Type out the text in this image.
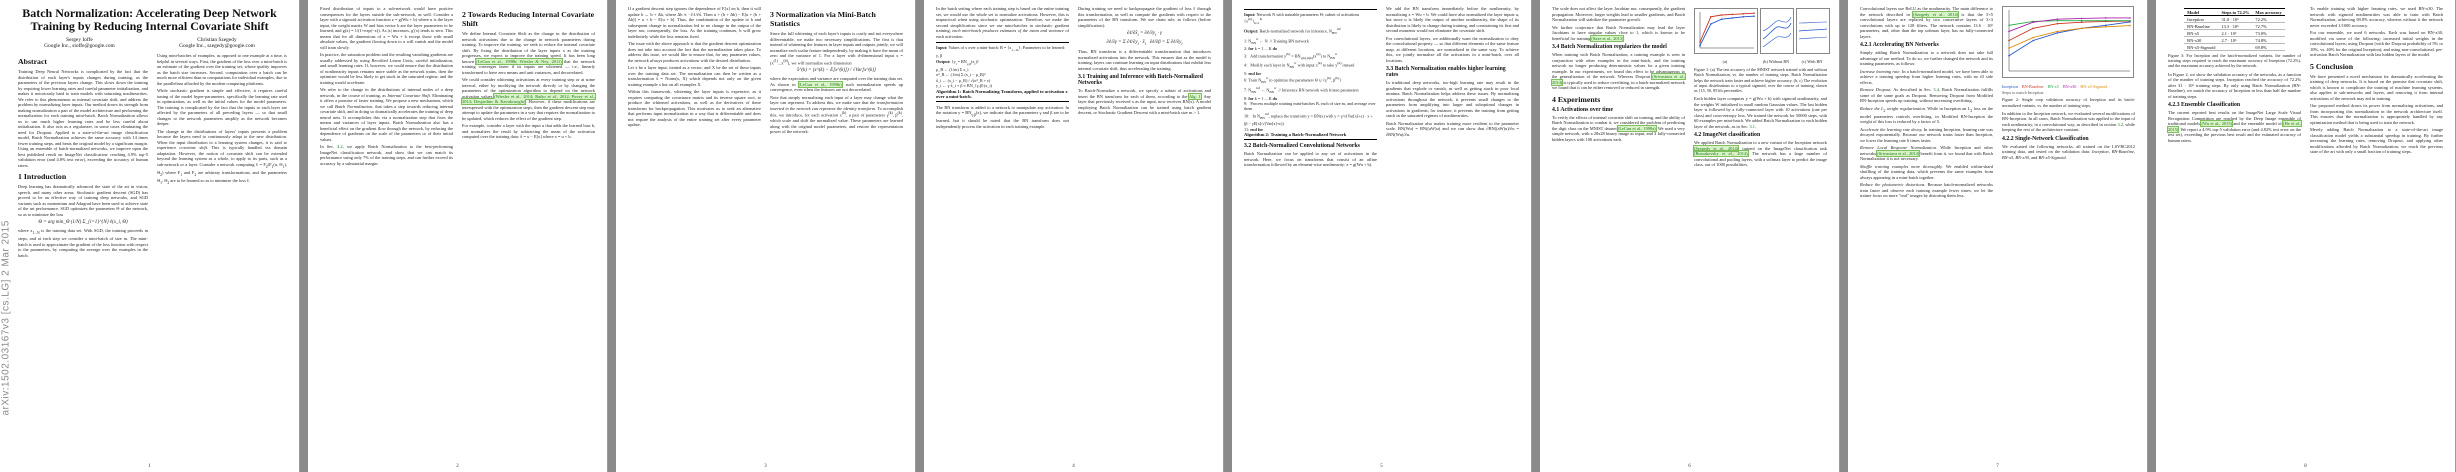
arXiv:1502.03167v3 [cs.LG] 2 Mar 2015
Batch Normalization: Accelerating Deep Network Training by Reducing Internal Covariate Shift
Sergey Ioffe
Google Inc., sioffe@google.com
Christian Szegedy
Google Inc., szegedy@google.com
Abstract

Training Deep Neural Networks is complicated by the fact that the distribution of each layer's inputs changes during training, as the parameters of the previous layers change. This slows down the training by requiring lower learning rates and careful parameter initialization, and makes it notoriously hard to train models with saturating nonlinearities. We refer to this phenomenon as internal covariate shift, and address the problem by normalizing layer inputs. Our method draws its strength from making normalization a part of the model architecture and performing the normalization for each training mini-batch. Batch Normalization allows us to use much higher learning rates and be less careful about initialization. It also acts as a regularizer, in some cases eliminating the need for Dropout. Applied to a state-of-the-art image classification model, Batch Normalization achieves the same accuracy with 14 times fewer training steps, and beats the original model by a significant margin. Using an ensemble of batch-normalized networks, we improve upon the best published result on ImageNet classification: reaching 4.9% top-5 validation error (and 4.8% test error), exceeding the accuracy of human raters.

1 Introduction

Deep learning has dramatically advanced the state of the art in vision, speech, and many other areas. Stochastic gradient descent (SGD) has proved to be an effective way of training deep networks, and SGD variants such as momentum and Adagrad have been used to achieve state of the art performance. SGD optimizes the parameters Θ of the network, so as to minimize the loss

Θ = arg min_Θ (1/N) Σ_{i=1}^{N} ℓ(x_i, Θ)

where $x_{1...N}$ is the training data set. With SGD, the training proceeds in steps, and at each step we consider a mini-batch of size m. The mini-batch is used to approximate the gradient of the loss function with respect to the parameters, by computing the average over the examples in the batch.

Using mini-batches of examples, as opposed to one example at a time, is helpful in several ways. First, the gradient of the loss over a mini-batch is an estimate of the gradient over the training set, whose quality improves as the batch size increases. Second, computation over a batch can be much more efficient than m computations for individual examples, due to the parallelism afforded by the modern computing platforms.

While stochastic gradient is simple and effective, it requires careful tuning of the model hyper-parameters, specifically the learning rate used in optimization, as well as the initial values for the model parameters. The training is complicated by the fact that the inputs to each layer are affected by the parameters of all preceding layers — so that small changes to the network parameters amplify as the network becomes deeper.

The change in the distributions of layers' inputs presents a problem because the layers need to continuously adapt to the new distribution. When the input distribution to a learning system changes, it is said to experience covariate shift. This is typically handled via domain adaptation. However, the notion of covariate shift can be extended beyond the learning system as a whole, to apply to its parts, such as a sub-network or a layer. Consider a network computing ℓ = $F_2(F_1(u$, $\Theta_1$), $\Theta_2$) where $F_1$ and $F_2$ are arbitrary transformations, and the parameters $\Theta_1$, $\Theta_2$ are to be learned so as to minimize the loss ℓ.

1

Fixed distribution of inputs to a sub-network would have positive consequences for the layers outside the sub-network, as well. Consider a layer with a sigmoid activation function z = g(Wu + b) where u is the layer input, the weight matrix W and bias vector b are the layer parameters to be learned, and g(x) = 1/(1+exp(−x)). As |x| increases, g′(x) tends to zero. This means that for all dimensions of x = Wu + b except those with small absolute values, the gradient flowing down to u will vanish and the model will train slowly.

In practice, the saturation problem and the resulting vanishing gradients are usually addressed by using Rectified Linear Units, careful initialization, and small learning rates. If, however, we could ensure that the distribution of nonlinearity inputs remains more stable as the network trains, then the optimizer would be less likely to get stuck in the saturated regime, and the training would accelerate.

We refer to the change in the distributions of internal nodes of a deep network, in the course of training, as Internal Covariate Shift. Eliminating it offers a promise of faster training. We propose a new mechanism, which we call Batch Normalization, that takes a step towards reducing internal covariate shift, and in doing so dramatically accelerates the training of deep neural nets. It accomplishes this via a normalization step that fixes the means and variances of layer inputs. Batch Normalization also has a beneficial effect on the gradient flow through the network, by reducing the dependence of gradients on the scale of the parameters or of their initial values.

In Sec. 4.2, we apply Batch Normalization to the best-performing ImageNet classification network, and show that we can match its performance using only 7% of the training steps, and can further exceed its accuracy by a substantial margin.

2 Towards Reducing Internal Covariate Shift

We define Internal Covariate Shift as the change in the distribution of network activations due to the change in network parameters during training. To improve the training, we seek to reduce the internal covariate shift. By fixing the distribution of the layer inputs x as the training progresses, we expect to improve the training speed. It has been long known (LeCun et al., 1998b; Wiesler & Ney, 2011) that the network training converges faster if its inputs are whitened — i.e., linearly transformed to have zero means and unit variances, and decorrelated.

We could consider whitening activations at every training step or at some interval, either by modifying the network directly or by changing the parameters of the optimization algorithm to depend on the network activation values (Wiesler et al., 2014; Raiko et al., 2012; Povey et al., 2014; Desjardins & Kavukcuoglu). However, if these modifications are interspersed with the optimization steps, then the gradient descent step may attempt to update the parameters in a way that requires the normalization to be updated, which reduces the effect of the gradient step.

For example, consider a layer with the input u that adds the learned bias b, and normalizes the result by subtracting the mean of the activation computed over the training data: x̂ = x − E[x] where x = u + b.

2

If a gradient descent step ignores the dependence of E[x] on b, then it will update b ← b + Δb, where Δb ∝ −∂ℓ/∂x̂. Then u + (b + Δb) − E[u + (b + Δb)] = u + b − E[u + b]. Thus, the combination of the update to b and subsequent change in normalization led to no change in the output of the layer nor, consequently, the loss. As the training continues, b will grow indefinitely while the loss remains fixed.

The issue with the above approach is that the gradient descent optimization does not take into account the fact that the normalization takes place. To address this issue, we would like to ensure that, for any parameter values, the network always produces activations with the desired distribution.

Let x be a layer input, treated as a vector, and X be the set of these inputs over the training data set. The normalization can then be written as a transformation x̂ = Norm(x, X) which depends not only on the given training example x but on all examples X.

Within this framework, whitening the layer inputs is expensive, as it requires computing the covariance matrix and its inverse square root, to produce the whitened activations, as well as the derivatives of these transforms for backpropagation. This motivates us to seek an alternative that performs input normalization in a way that is differentiable and does not require the analysis of the entire training set after every parameter update.

3 Normalization via Mini-Batch Statistics

Since the full whitening of each layer's inputs is costly and not everywhere differentiable, we make two necessary simplifications. The first is that instead of whitening the features in layer inputs and outputs jointly, we will normalize each scalar feature independently, by making it have the mean of zero and the variance of 1. For a layer with d-dimensional input $x = (x^{(1)}...x^{(d)})$, we will normalize each dimension

x̂^(k) = (x^(k) − E[x^(k)]) / √Var[x^(k)]

where the expectation and variance are computed over the training data set. As shown in (LeCun et al., 1998b), such normalization speeds up convergence, even when the features are not decorrelated.

Note that simply normalizing each input of a layer may change what the layer can represent. To address this, we make sure that the transformation inserted in the network can represent the identity transform. To accomplish this, we introduce, for each activation $x^{(k)}$, a pair of parameters $\gamma^{(k)}$, $\beta^{(k)}$, which scale and shift the normalized value. These parameters are learned along with the original model parameters, and restore the representation power of the network.

3

In the batch setting where each training step is based on the entire training set, we would use the whole set to normalize activations. However, this is impractical when using stochastic optimization. Therefore, we make the second simplification: since we use mini-batches in stochastic gradient training, each mini-batch produces estimates of the mean and variance of each activation.

Input: Values of x over a mini-batch: $B = \{x_{1...m}\}$; Parameters to be learned: γ, β
Output: $\{y_i = BN_{\gamma,\beta}(x_i)\}$
μ_B ← (1/m) Σ x_i
σ²_B ← (1/m) Σ (x_i − μ_B)²
x̂_i ← (x_i − μ_B) / √(σ²_B + ε)
y_i ← γ x̂_i + β ≡ BN_{γ,β}(x_i)
Algorithm 1: Batch Normalizing Transform, applied to activation x over a mini-batch.

The BN transform is added to a network to manipulate any activation. In the notation $y = BN_{\gamma,\beta}(x)$, we indicate that the parameters γ and β are to be learned, but it should be noted that the BN transform does not independently process the activation in each training example.

During training we need to backpropagate the gradient of loss ℓ through this transformation, as well as compute the gradients with respect to the parameters of the BN transform. We use chain rule, as follows (before simplification):

$\partial\ell/\partial x̂_i$ = $\partial\ell/\partial y_i \cdot \gamma$
∂ℓ/∂γ = Σ $\partial\ell/\partial y_i$ · $x̂_i$   ∂ℓ/∂β = Σ $\partial\ell/\partial y_i$

Thus, BN transform is a differentiable transformation that introduces normalized activations into the network. This ensures that as the model is training, layers can continue learning on input distributions that exhibit less internal covariate shift, thus accelerating the training.

3.1 Training and Inference with Batch-Normalized Networks

To Batch-Normalize a network, we specify a subset of activations and insert the BN transform for each of them, according to the Alg. 1. Any layer that previously received x as the input, now receives BN(x). A model employing Batch Normalization can be trained using batch gradient descent, or Stochastic Gradient Descent with a mini-batch size m > 1.

4
Input: Network N with trainable parameters Θ; subset of activations $\{x^{(k)}\}_{k=1}^K$
Output: Batch-normalized network for inference, $N_{BN}^{inf}$
1: $N_{BN}^{tr}$ ← N  // Training BN network
2: for k = 1 ... K do
3:   Add transformation $y^{(k)} = BN_{\gamma(k),\beta(k)}(x^{(k)})$ to $N_{BN}^{tr}$
4:   Modify each layer in $N_{BN}^{tr}$ with input $x^{(k)}$ to take $y^{(k)}$ instead
5: end for
6: Train $N_{BN}^{tr}$ to optimize the parameters Θ ∪ {$\gamma^{(k)}$, $\beta^{(k)}$}
7: $N_{BN}^{inf}$ ← $N_{BN}^{tr}$  // Inference BN network with frozen parameters
8: for k = 1 ... K do
9:   Process multiple training mini-batches B, each of size m, and average over them
10:   In $N_{BN}^{inf}$, replace the transform y = BN(x) with y = γ/√(Var[x]+ε) · x + (β − γE[x]/√(Var[x]+ε))
11: end for
Algorithm 2: Training a Batch-Normalized Network
3.2 Batch-Normalized Convolutional Networks

Batch Normalization can be applied to any set of activations in the network. Here, we focus on transforms that consist of an affine transformation followed by an element-wise nonlinearity: z = g(Wu + b).

We add the BN transform immediately before the nonlinearity, by normalizing x = Wu + b. We could have also normalized the layer inputs u, but since u is likely the output of another nonlinearity, the shape of its distribution is likely to change during training, and constraining its first and second moments would not eliminate the covariate shift.

For convolutional layers, we additionally want the normalization to obey the convolutional property — so that different elements of the same feature map, at different locations, are normalized in the same way. To achieve this, we jointly normalize all the activations in a mini-batch, over all locations.

3.3 Batch Normalization enables higher learning rates

In traditional deep networks, too-high learning rate may result in the gradients that explode or vanish, as well as getting stuck in poor local minima. Batch Normalization helps address these issues. By normalizing activations throughout the network, it prevents small changes to the parameters from amplifying into larger and suboptimal changes in activations in gradients; for instance, it prevents the training from getting stuck in the saturated regimes of nonlinearities.

Batch Normalization also makes training more resilient to the parameter scale. BN(Wu) = BN((aW)u) and we can show that ∂BN((aW)u)/∂u = ∂BN(Wu)/∂u.

5

The scale does not affect the layer Jacobian nor, consequently, the gradient propagation. Moreover, larger weights lead to smaller gradients, and Batch Normalization will stabilize the parameter growth.

We further conjecture that Batch Normalization may lead the layer Jacobians to have singular values close to 1, which is known to be beneficial for training (Saxe et al., 2013).

3.4 Batch Normalization regularizes the model

When training with Batch Normalization, a training example is seen in conjunction with other examples in the mini-batch, and the training network no longer producing deterministic values for a given training example. In our experiments, we found this effect to be advantageous to the generalization of the network. Whereas Dropout (Srivastava et al., 2014) is typically used to reduce overfitting, in a batch-normalized network we found that it can be either removed or reduced in strength.

4 Experiments
4.1 Activations over time

To verify the effects of internal covariate shift on training, and the ability of Batch Normalization to combat it, we considered the problem of predicting the digit class on the MNIST dataset (LeCun et al., 1998a). We used a very simple network, with a 28x28 binary image as input, and 3 fully-connected hidden layers with 100 activations each.

(a)	(b) Without BN	(c) With BN
Figure 1: (a) The test accuracy of the MNIST network trained with and without Batch Normalization, vs. the number of training steps. Batch Normalization helps the network train faster and achieve higher accuracy. (b, c) The evolution of input distributions to a typical sigmoid, over the course of training, shown as {15, 50, 85}th percentiles.

Each hidden layer computes y = g(Wu + b) with sigmoid nonlinearity, and the weights W initialized to small random Gaussian values. The last hidden layer is followed by a fully-connected layer with 10 activations (one per class) and cross-entropy loss. We trained the network for 50000 steps, with 60 examples per mini-batch. We added Batch Normalization to each hidden layer of the network, as in Sec. 3.1.

4.2 ImageNet classification

We applied Batch Normalization to a new variant of the Inception network (Szegedy et al., 2014), trained on the ImageNet classification task (Russakovsky et al., 2014). The network has a large number of convolutional and pooling layers, with a softmax layer to predict the image class, out of 1000 possibilities.

6

Convolutional layers use ReLU as the nonlinearity. The main difference to the network described in (Szegedy et al., 2014) is that the 5×5 convolutional layers are replaced by two consecutive layers of 3×3 convolutions with up to 128 filters. The network contains 13.6 · 10⁶ parameters, and, other than the top softmax layer, has no fully-connected layers.

4.2.1 Accelerating BN Networks

Simply adding Batch Normalization to a network does not take full advantage of our method. To do so, we further changed the network and its training parameters, as follows:

Increase learning rate. In a batch-normalized model, we have been able to achieve a training speedup from higher learning rates, with no ill side effects.

Remove Dropout. As described in Sec. 3.4, Batch Normalization fulfills some of the same goals as Dropout. Removing Dropout from Modified BN-Inception speeds up training, without increasing overfitting.

Reduce the $L_2$ weight regularization. While in Inception an $L_2$ loss on the model parameters controls overfitting, in Modified BN-Inception the weight of this loss is reduced by a factor of 5.

Accelerate the learning rate decay. In training Inception, learning rate was decayed exponentially. Because our network trains faster than Inception, we lower the learning rate 6 times faster.

Remove Local Response Normalization. While Inception and other networks (Srivastava et al., 2014) benefit from it, we found that with Batch Normalization it is not necessary.

Shuffle training examples more thoroughly. We enabled within-shard shuffling of the training data, which prevents the same examples from always appearing in a mini-batch together.

Reduce the photometric distortions. Because batch-normalized networks train faster and observe each training example fewer times, we let the trainer focus on more "real" images by distorting them less.

Inception BN-Baseline BN-x5 BN-x30 BN-x5-Sigmoid
Steps to match Inception
Figure 2: Single crop validation accuracy of Inception and its batch-normalized variants, vs. the number of training steps.

In addition to the Inception network, we evaluated several modifications of BN-Inception. In all cases, Batch Normalization was applied to the input of each nonlinearity, in a convolutional way, as described in section 3.2, while keeping the rest of the architecture constant.

4.2.2 Single-Network Classification

We evaluated the following networks, all trained on the LSVRC2012 training data, and tested on the validation data: Inception, BN-Baseline, BN-x5, BN-x30, and BN-x5-Sigmoid.

7
Model	Steps to 72.2%	Max accuracy
Inception	31.0 · 10⁶	72.2%
BN-Baseline	13.3 · 10⁶	72.7%
BN-x5	2.1 · 10⁶	73.0%
BN-x30	2.7 · 10⁶	74.8%
BN-x5-Sigmoid		69.8%
Figure 3: For Inception and the batch-normalized variants, the number of training steps required to reach the maximum accuracy of Inception (72.2%), and the maximum accuracy achieved by the network.

In Figure 2, we show the validation accuracy of the networks, as a function of the number of training steps. Inception reached the accuracy of 72.2% after 31 · 10⁶ training steps. By only using Batch Normalization (BN-Baseline), we match the accuracy of Inception in less than half the number of training steps.

4.2.3 Ensemble Classification

The current reported best results on the ImageNet Large Scale Visual Recognition Competition are reached by the Deep Image ensemble of traditional models (Wu et al., 2015) and the ensemble model of (He et al., 2015). We report a 4.9% top-5 validation error (and 4.82% test error on the test set), exceeding the previous best result and the estimated accuracy of human raters.

To enable training with higher learning rates, we used BN-x30. The network with sigmoid nonlinearities was able to train with Batch Normalization, achieving 69.8% accuracy, whereas without it the network never exceeded 1/1000 accuracy.

For our ensemble, we used 6 networks. Each was based on BN-x30, modified via some of the following: increased initial weights in the convolutional layers; using Dropout (with the Dropout probability of 5% or 10%, vs. 40% for the original Inception); and using non-convolutional, per-activation Batch Normalization with last hidden layers of the model.

5 Conclusion

We have presented a novel mechanism for dramatically accelerating the training of deep networks. It is based on the premise that covariate shift, which is known to complicate the training of machine learning systems, also applies to sub-networks and layers, and removing it from internal activations of the network may aid in training.

Our proposed method draws its power from normalizing activations, and from incorporating this normalization in the network architecture itself. This ensures that the normalization is appropriately handled by any optimization method that is being used to train the network.

Merely adding Batch Normalization to a state-of-the-art image classification model yields a substantial speedup in training. By further increasing the learning rates, removing Dropout, and applying other modifications afforded by Batch Normalization, we reach the previous state of the art with only a small fraction of training steps.

8
